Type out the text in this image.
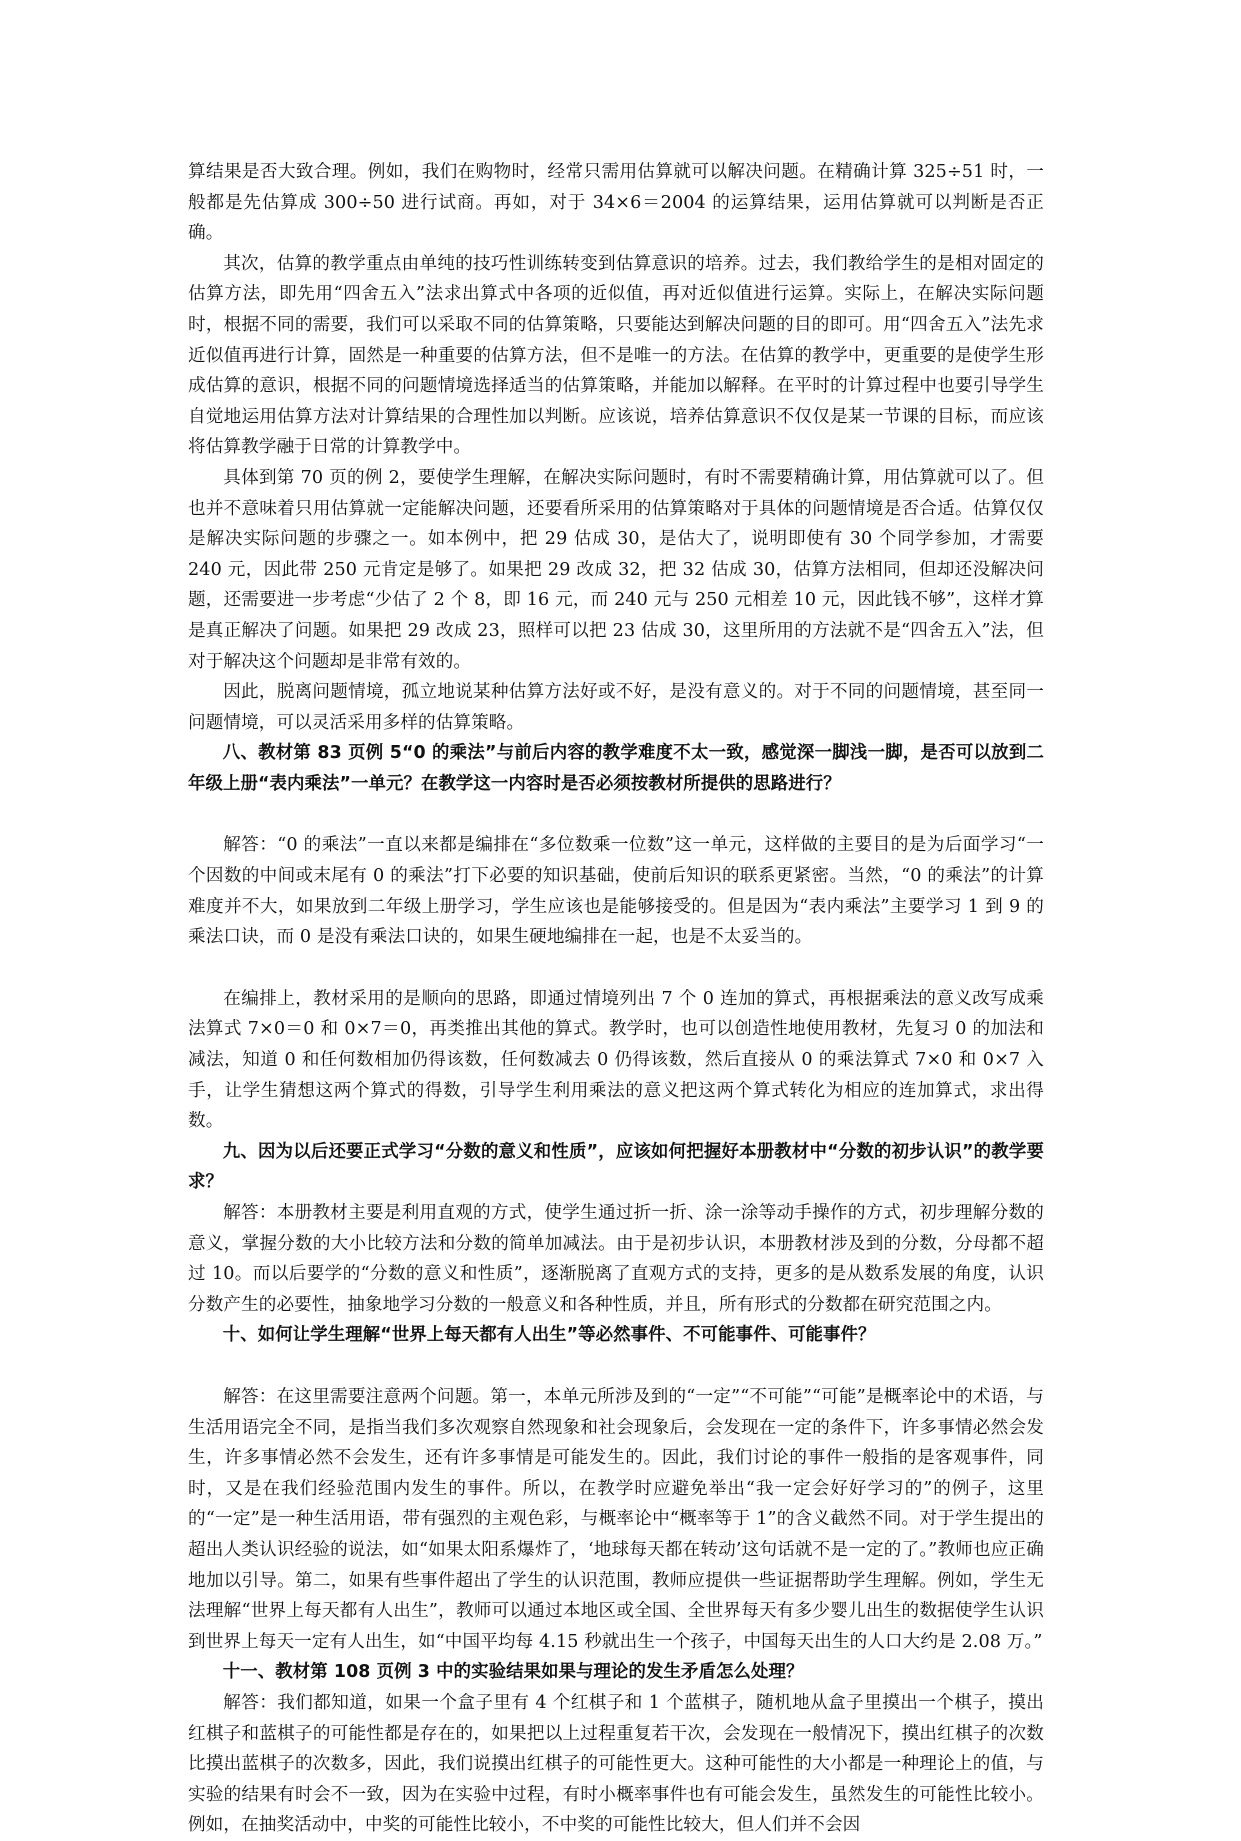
算结果是否大致合理。例如，我们在购物时，经常只需用估算就可以解决问题。在精确计算 325÷51 时，一般都是先估算成 300÷50 进行试商。再如，对于 34×6＝2004 的运算结果，运用估算就可以判断是否正确。

其次，估算的教学重点由单纯的技巧性训练转变到估算意识的培养。过去，我们教给学生的是相对固定的估算方法，即先用“四舍五入”法求出算式中各项的近似值，再对近似值进行运算。实际上，在解决实际问题时，根据不同的需要，我们可以采取不同的估算策略，只要能达到解决问题的目的即可。用“四舍五入”法先求近似值再进行计算，固然是一种重要的估算方法，但不是唯一的方法。在估算的教学中，更重要的是使学生形成估算的意识，根据不同的问题情境选择适当的估算策略，并能加以解释。在平时的计算过程中也要引导学生自觉地运用估算方法对计算结果的合理性加以判断。应该说，培养估算意识不仅仅是某一节课的目标，而应该将估算教学融于日常的计算教学中。

具体到第 70 页的例 2，要使学生理解，在解决实际问题时，有时不需要精确计算，用估算就可以了。但也并不意味着只用估算就一定能解决问题，还要看所采用的估算策略对于具体的问题情境是否合适。估算仅仅是解决实际问题的步骤之一。如本例中，把 29 估成 30，是估大了，说明即使有 30 个同学参加，才需要 240 元，因此带 250 元肯定是够了。如果把 29 改成 32，把 32 估成 30，估算方法相同，但却还没解决问题，还需要进一步考虑“少估了 2 个 8，即 16 元，而 240 元与 250 元相差 10 元，因此钱不够”，这样才算是真正解决了问题。如果把 29 改成 23，照样可以把 23 估成 30，这里所用的方法就不是“四舍五入”法，但对于解决这个问题却是非常有效的。

因此，脱离问题情境，孤立地说某种估算方法好或不好，是没有意义的。对于不同的问题情境，甚至同一问题情境，可以灵活采用多样的估算策略。

八、教材第 83 页例 5“0 的乘法”与前后内容的教学难度不太一致，感觉深一脚浅一脚，是否可以放到二年级上册“表内乘法”一单元？在教学这一内容时是否必须按教材所提供的思路进行？

解答：“0 的乘法”一直以来都是编排在“多位数乘一位数”这一单元，这样做的主要目的是为后面学习“一个因数的中间或末尾有 0 的乘法”打下必要的知识基础，使前后知识的联系更紧密。当然，“0 的乘法”的计算难度并不大，如果放到二年级上册学习，学生应该也是能够接受的。但是因为“表内乘法”主要学习 1 到 9 的乘法口诀，而 0 是没有乘法口诀的，如果生硬地编排在一起，也是不太妥当的。

在编排上，教材采用的是顺向的思路，即通过情境列出 7 个 0 连加的算式，再根据乘法的意义改写成乘法算式 7×0＝0 和 0×7＝0，再类推出其他的算式。教学时，也可以创造性地使用教材，先复习 0 的加法和减法，知道 0 和任何数相加仍得该数，任何数减去 0 仍得该数，然后直接从 0 的乘法算式 7×0 和 0×7 入手，让学生猜想这两个算式的得数，引导学生利用乘法的意义把这两个算式转化为相应的连加算式，求出得数。

九、因为以后还要正式学习“分数的意义和性质”，应该如何把握好本册教材中“分数的初步认识”的教学要求？

解答：本册教材主要是利用直观的方式，使学生通过折一折、涂一涂等动手操作的方式，初步理解分数的意义，掌握分数的大小比较方法和分数的简单加减法。由于是初步认识，本册教材涉及到的分数，分母都不超过 10。而以后要学的“分数的意义和性质”，逐渐脱离了直观方式的支持，更多的是从数系发展的角度，认识分数产生的必要性，抽象地学习分数的一般意义和各种性质，并且，所有形式的分数都在研究范围之内。

十、如何让学生理解“世界上每天都有人出生”等必然事件、不可能事件、可能事件？

解答：在这里需要注意两个问题。第一，本单元所涉及到的“一定”“不可能”“可能”是概率论中的术语，与生活用语完全不同，是指当我们多次观察自然现象和社会现象后，会发现在一定的条件下，许多事情必然会发生，许多事情必然不会发生，还有许多事情是可能发生的。因此，我们讨论的事件一般指的是客观事件，同时，又是在我们经验范围内发生的事件。所以，在教学时应避免举出“我一定会好好学习的”的例子，这里的“一定”是一种生活用语，带有强烈的主观色彩，与概率论中“概率等于 1”的含义截然不同。对于学生提出的超出人类认识经验的说法，如“如果太阳系爆炸了，‘地球每天都在转动’这句话就不是一定的了。”教师也应正确地加以引导。第二，如果有些事件超出了学生的认识范围，教师应提供一些证据帮助学生理解。例如，学生无法理解“世界上每天都有人出生”，教师可以通过本地区或全国、全世界每天有多少婴儿出生的数据使学生认识到世界上每天一定有人出生，如“中国平均每 4.15 秒就出生一个孩子，中国每天出生的人口大约是 2.08 万。”

十一、教材第 108 页例 3 中的实验结果如果与理论的发生矛盾怎么处理？

解答：我们都知道，如果一个盒子里有 4 个红棋子和 1 个蓝棋子，随机地从盒子里摸出一个棋子，摸出红棋子和蓝棋子的可能性都是存在的，如果把以上过程重复若干次，会发现在一般情况下，摸出红棋子的次数比摸出蓝棋子的次数多，因此，我们说摸出红棋子的可能性更大。这种可能性的大小都是一种理论上的值，与实验的结果有时会不一致，因为在实验中过程，有时小概率事件也有可能会发生，虽然发生的可能性比较小。例如，在抽奖活动中，中奖的可能性比较小，不中奖的可能性比较大，但人们并不会因
